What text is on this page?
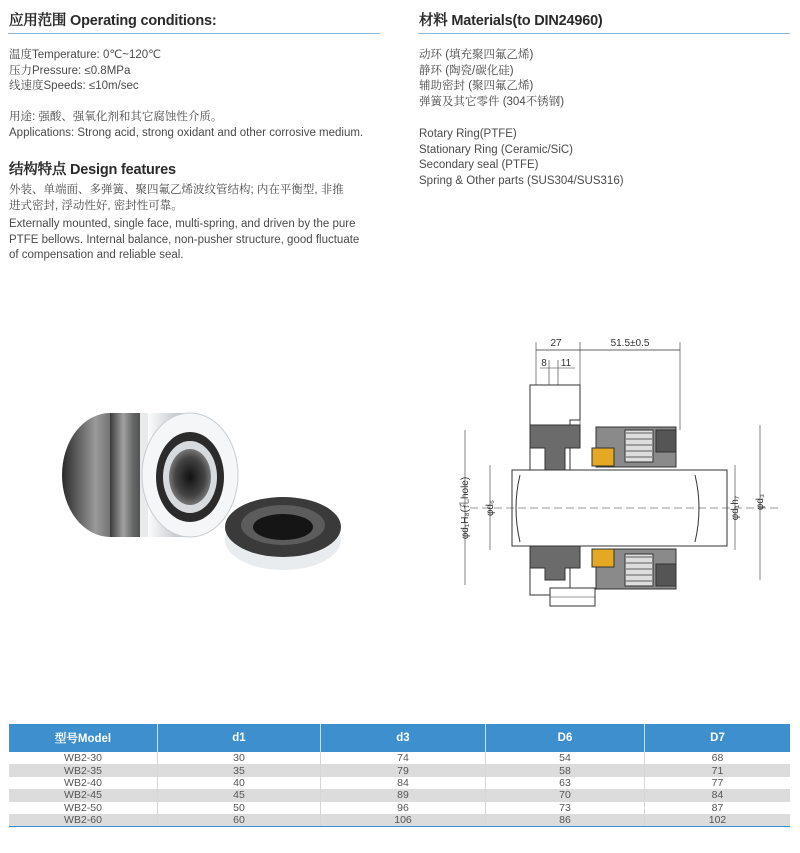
应用范围 Operating conditions:
温度Temperature: 0℃~120℃
压力Pressure: ≤0.8MPa
线速度Speeds: ≤10m/sec
用途: 强酸、强氧化剂和其它腐蚀性介质。
Applications: Strong acid, strong oxidant and other corrosive medium.
结构特点 Design features
外装、单端面、多弹簧、聚四氟乙烯波纹管结构; 内在平衡型, 非推
进式密封, 浮动性好, 密封性可靠。
Externally mounted, single face, multi-spring, and driven by the pure
PTFE bellows. Internal balance, non-pusher structure, good fluctuate
of compensation and reliable seal.
材料 Materials(to DIN24960)
动环 (填充聚四氟乙烯)
静环 (陶瓷/碳化硅)
辅助密封 (聚四氟乙烯)
弹簧及其它零件 (304不锈钢)
Rotary Ring(PTFE)
Stationary Ring (Ceramic/SiC)
Secondary seal (PTFE)
Spring & Other parts (SUS304/SUS316)
27	51.5±0.5
8 11
φd₁H₈(孔hole) φd₆	φd₁h₇ φd₃
型号Model	d1	d3	D6	D7
WB2-30	30	74	54	68
WB2-35	35	79	58	71
WB2-40	40	84	63	77
WB2-45	45	89	70	84
WB2-50	50	96	73	87
WB2-60	60	106	86	102
